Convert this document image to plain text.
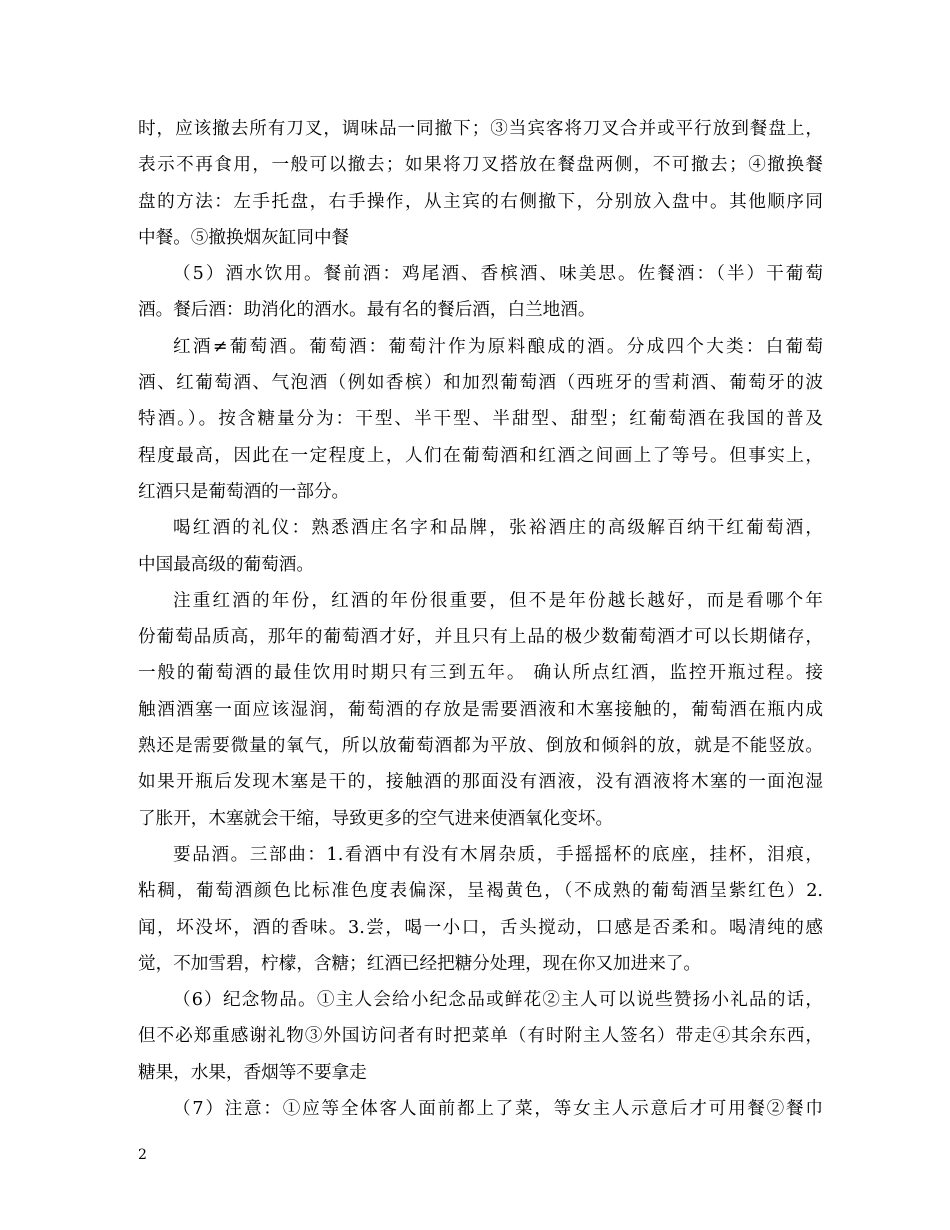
时，应该撤去所有刀叉，调味品一同撤下；③当宾客将刀叉合并或平行放到餐盘上，
表示不再食用，一般可以撤去；如果将刀叉搭放在餐盘两侧，不可撤去；④撤换餐
盘的方法：左手托盘，右手操作，从主宾的右侧撤下，分别放入盘中。其他顺序同
中餐。⑤撤换烟灰缸同中餐
（5）酒水饮用。餐前酒：鸡尾酒、香槟酒、味美思。佐餐酒：（半）干葡萄
酒。餐后酒：助消化的酒水。最有名的餐后酒，白兰地酒。
红酒≠葡萄酒。葡萄酒：葡萄汁作为原料酿成的酒。分成四个大类：白葡萄
酒、红葡萄酒、气泡酒（例如香槟）和加烈葡萄酒（西班牙的雪莉酒、葡萄牙的波
特酒。）。按含糖量分为：干型、半干型、半甜型、甜型；红葡萄酒在我国的普及
程度最高，因此在一定程度上，人们在葡萄酒和红酒之间画上了等号。但事实上，
红酒只是葡萄酒的一部分。
喝红酒的礼仪：熟悉酒庄名字和品牌，张裕酒庄的高级解百纳干红葡萄酒，
中国最高级的葡萄酒。
注重红酒的年份，红酒的年份很重要，但不是年份越长越好，而是看哪个年
份葡萄品质高，那年的葡萄酒才好，并且只有上品的极少数葡萄酒才可以长期储存，
一般的葡萄酒的最佳饮用时期只有三到五年。 确认所点红酒，监控开瓶过程。接
触酒酒塞一面应该湿润，葡萄酒的存放是需要酒液和木塞接触的，葡萄酒在瓶内成
熟还是需要微量的氧气，所以放葡萄酒都为平放、倒放和倾斜的放，就是不能竖放。
如果开瓶后发现木塞是干的，接触酒的那面没有酒液，没有酒液将木塞的一面泡湿
了胀开，木塞就会干缩，导致更多的空气进来使酒氧化变坏。
要品酒。三部曲：1.看酒中有没有木屑杂质，手摇摇杯的底座，挂杯，泪痕，
粘稠，葡萄酒颜色比标准色度表偏深，呈褐黄色，（不成熟的葡萄酒呈紫红色）2.
闻，坏没坏，酒的香味。3.尝，喝一小口，舌头搅动，口感是否柔和。喝清纯的感
觉，不加雪碧，柠檬，含糖；红酒已经把糖分处理，现在你又加进来了。
（6）纪念物品。①主人会给小纪念品或鲜花②主人可以说些赞扬小礼品的话，
但不必郑重感谢礼物③外国访问者有时把菜单（有时附主人签名）带走④其余东西，
糖果，水果，香烟等不要拿走
（7）注意：①应等全体客人面前都上了菜，等女主人示意后才可用餐②餐巾
2
